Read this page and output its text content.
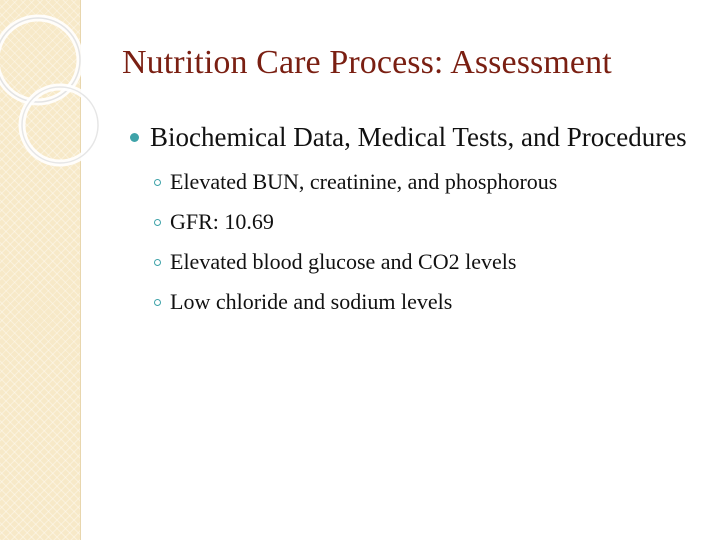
Nutrition Care Process: Assessment
Biochemical Data, Medical Tests, and Procedures
Elevated BUN, creatinine, and phosphorous
GFR: 10.69
Elevated blood glucose and CO2 levels
Low chloride and sodium levels
